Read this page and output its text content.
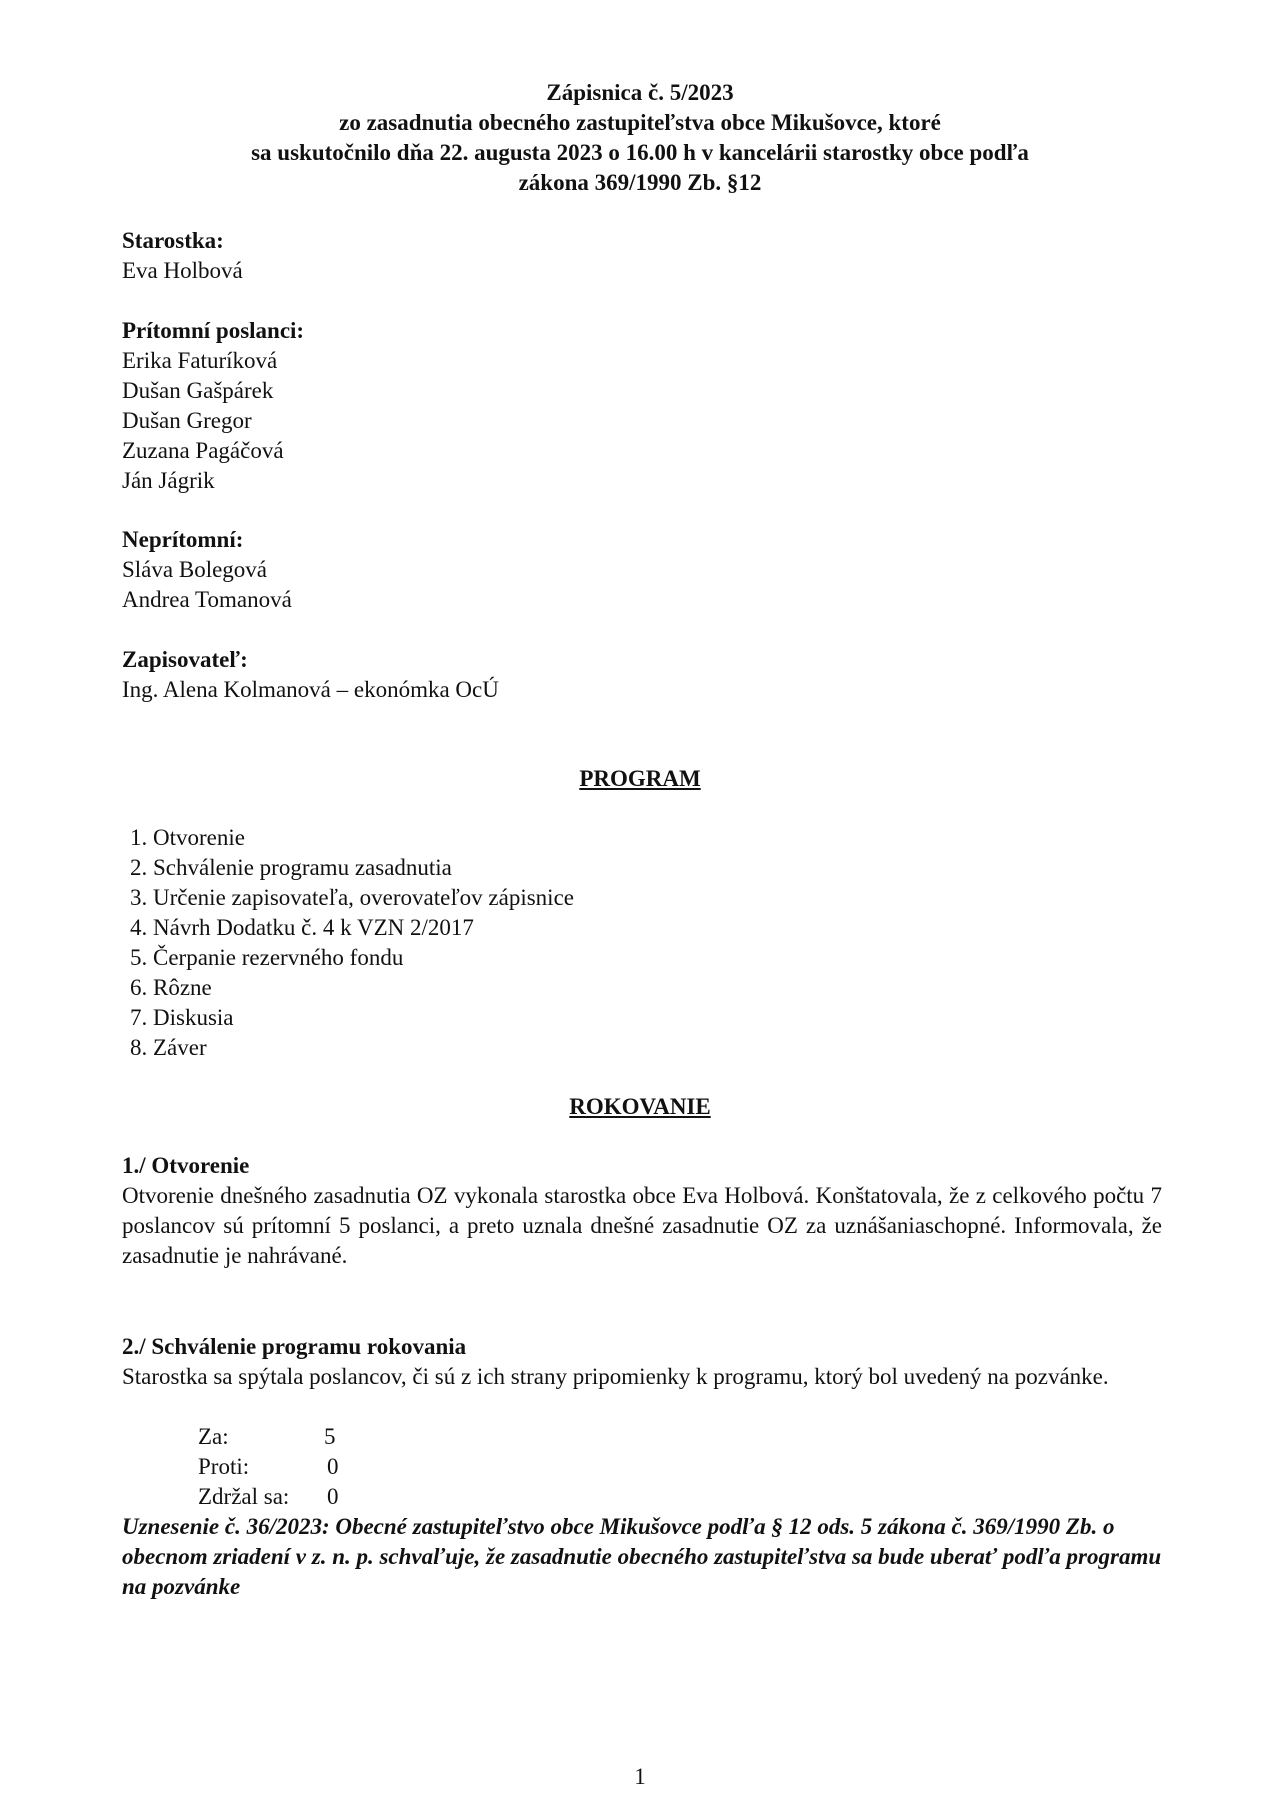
Zápisnica č. 5/2023
zo zasadnutia obecného zastupiteľstva obce Mikušovce, ktoré
sa uskutočnilo dňa 22. augusta 2023 o 16.00 h v kancelárii starostky obce podľa
zákona 369/1990 Zb. §12
Starostka:
Eva Holbová
Prítomní poslanci:
Erika Faturíková
Dušan Gašpárek
Dušan Gregor
Zuzana Pagáčová
Ján Jágrik
Neprítomní:
Sláva Bolegová
Andrea Tomanová
Zapisovateľ:
Ing. Alena Kolmanová – ekonómka OcÚ
PROGRAM
1. Otvorenie
2. Schválenie programu zasadnutia
3. Určenie zapisovateľa, overovateľov zápisnice
4. Návrh Dodatku č. 4 k VZN 2/2017
5. Čerpanie rezervného fondu
6. Rôzne
7. Diskusia
8. Záver
ROKOVANIE
1./ Otvorenie
Otvorenie dnešného zasadnutia OZ vykonala starostka obce Eva Holbová. Konštatovala, že z celkového počtu 7 poslancov sú prítomní 5 poslanci, a preto uznala dnešné zasadnutie OZ za uznášaniaschopné. Informovala, že zasadnutie je nahrávané.
2./ Schválenie programu rokovania
Starostka sa spýtala poslancov, či sú z ich strany pripomienky k programu, ktorý bol uvedený na pozvánke.
Za:	5
Proti:	0
Zdržal sa: 0
Uznesenie č. 36/2023: Obecné zastupiteľstvo obce Mikušovce podľa § 12 ods. 5 zákona č. 369/1990 Zb. o obecnom zriadení v z. n. p. schvaľuje, že zasadnutie obecného zastupiteľstva sa bude uberať podľa programu na pozvánke
1
